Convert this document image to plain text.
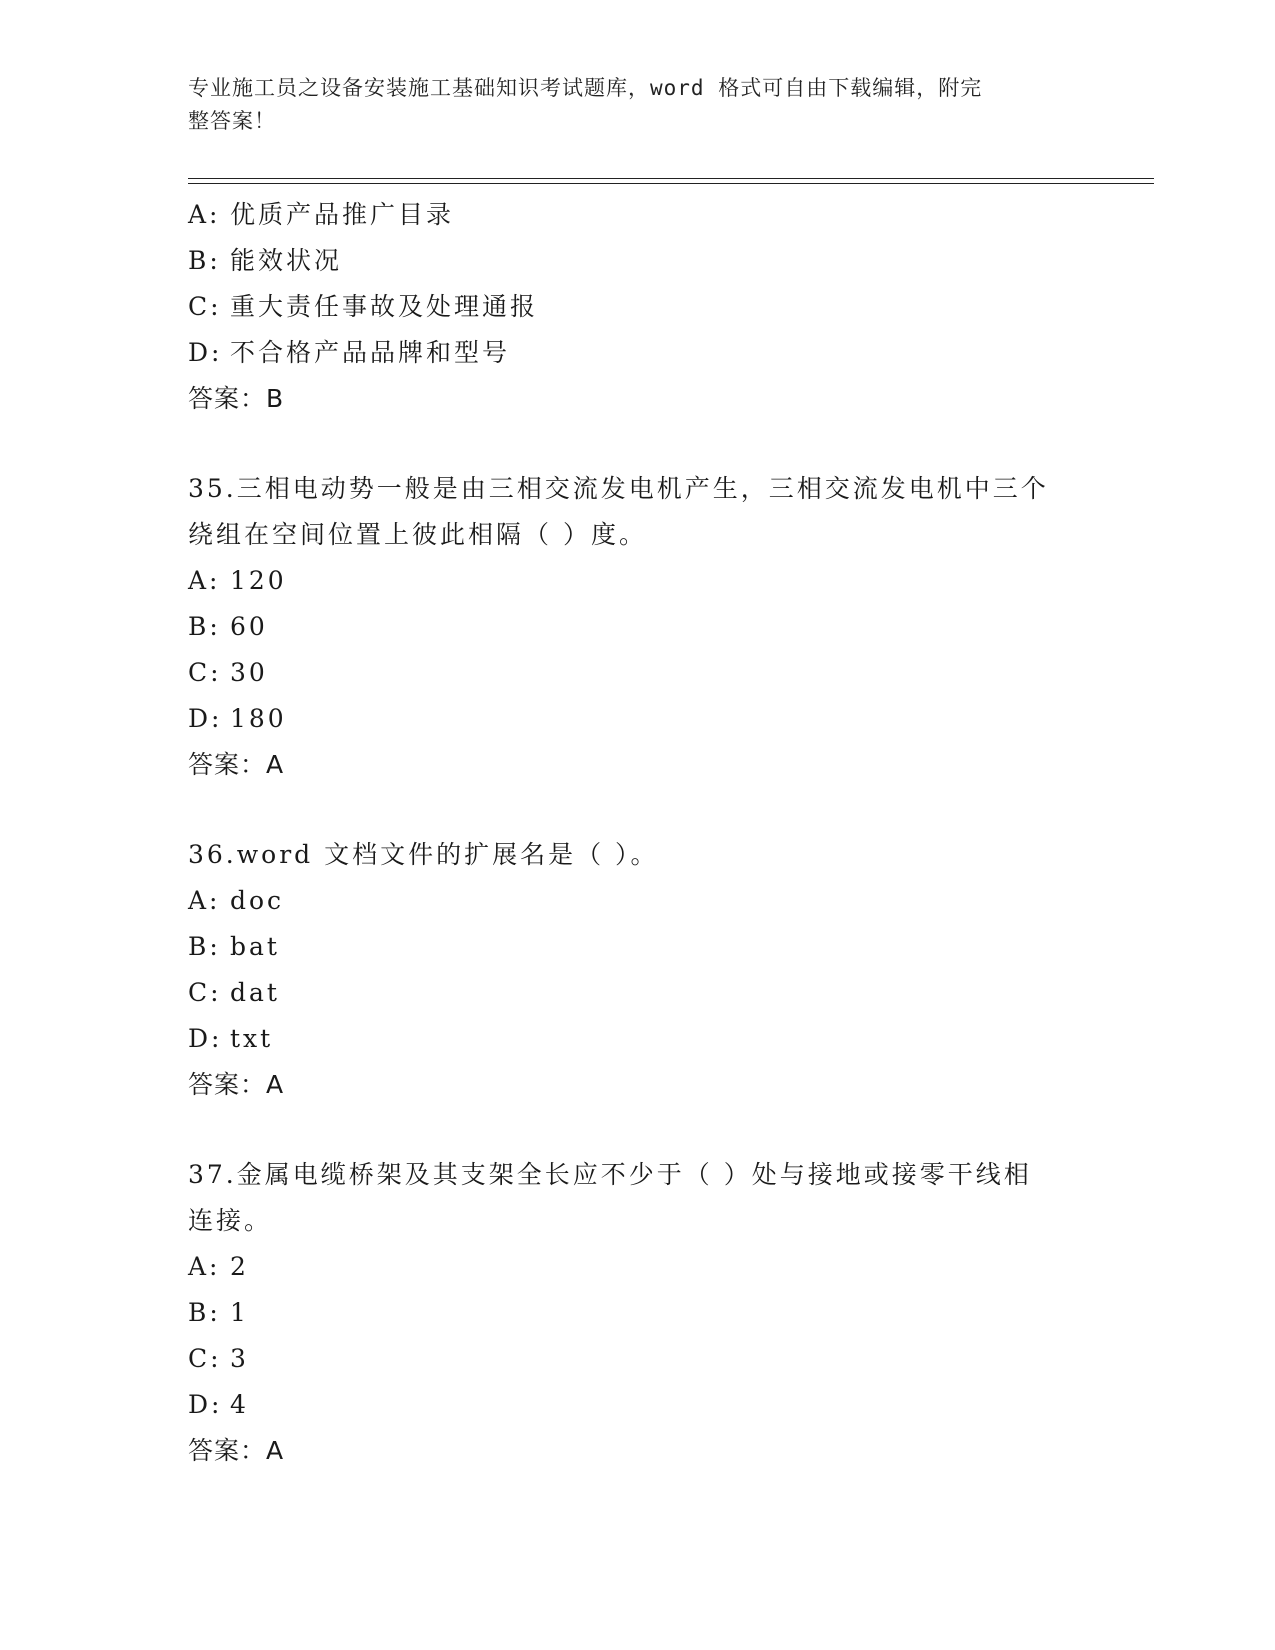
专业施工员之设备安装施工基础知识考试题库，word 格式可自由下载编辑，附完
整答案！
A: 优质产品推广目录
B: 能效状况
C: 重大责任事故及处理通报
D: 不合格产品品牌和型号
答案：B
35.三相电动势一般是由三相交流发电机产生，三相交流发电机中三个
绕组在空间位置上彼此相隔（ ）度。
A: 120
B: 60
C: 30
D: 180
答案：A
36.word 文档文件的扩展名是（ ）。
A: doc
B: bat
C: dat
D: txt
答案：A
37.金属电缆桥架及其支架全长应不少于（ ）处与接地或接零干线相
连接。
A: 2
B: 1
C: 3
D: 4
答案：A
